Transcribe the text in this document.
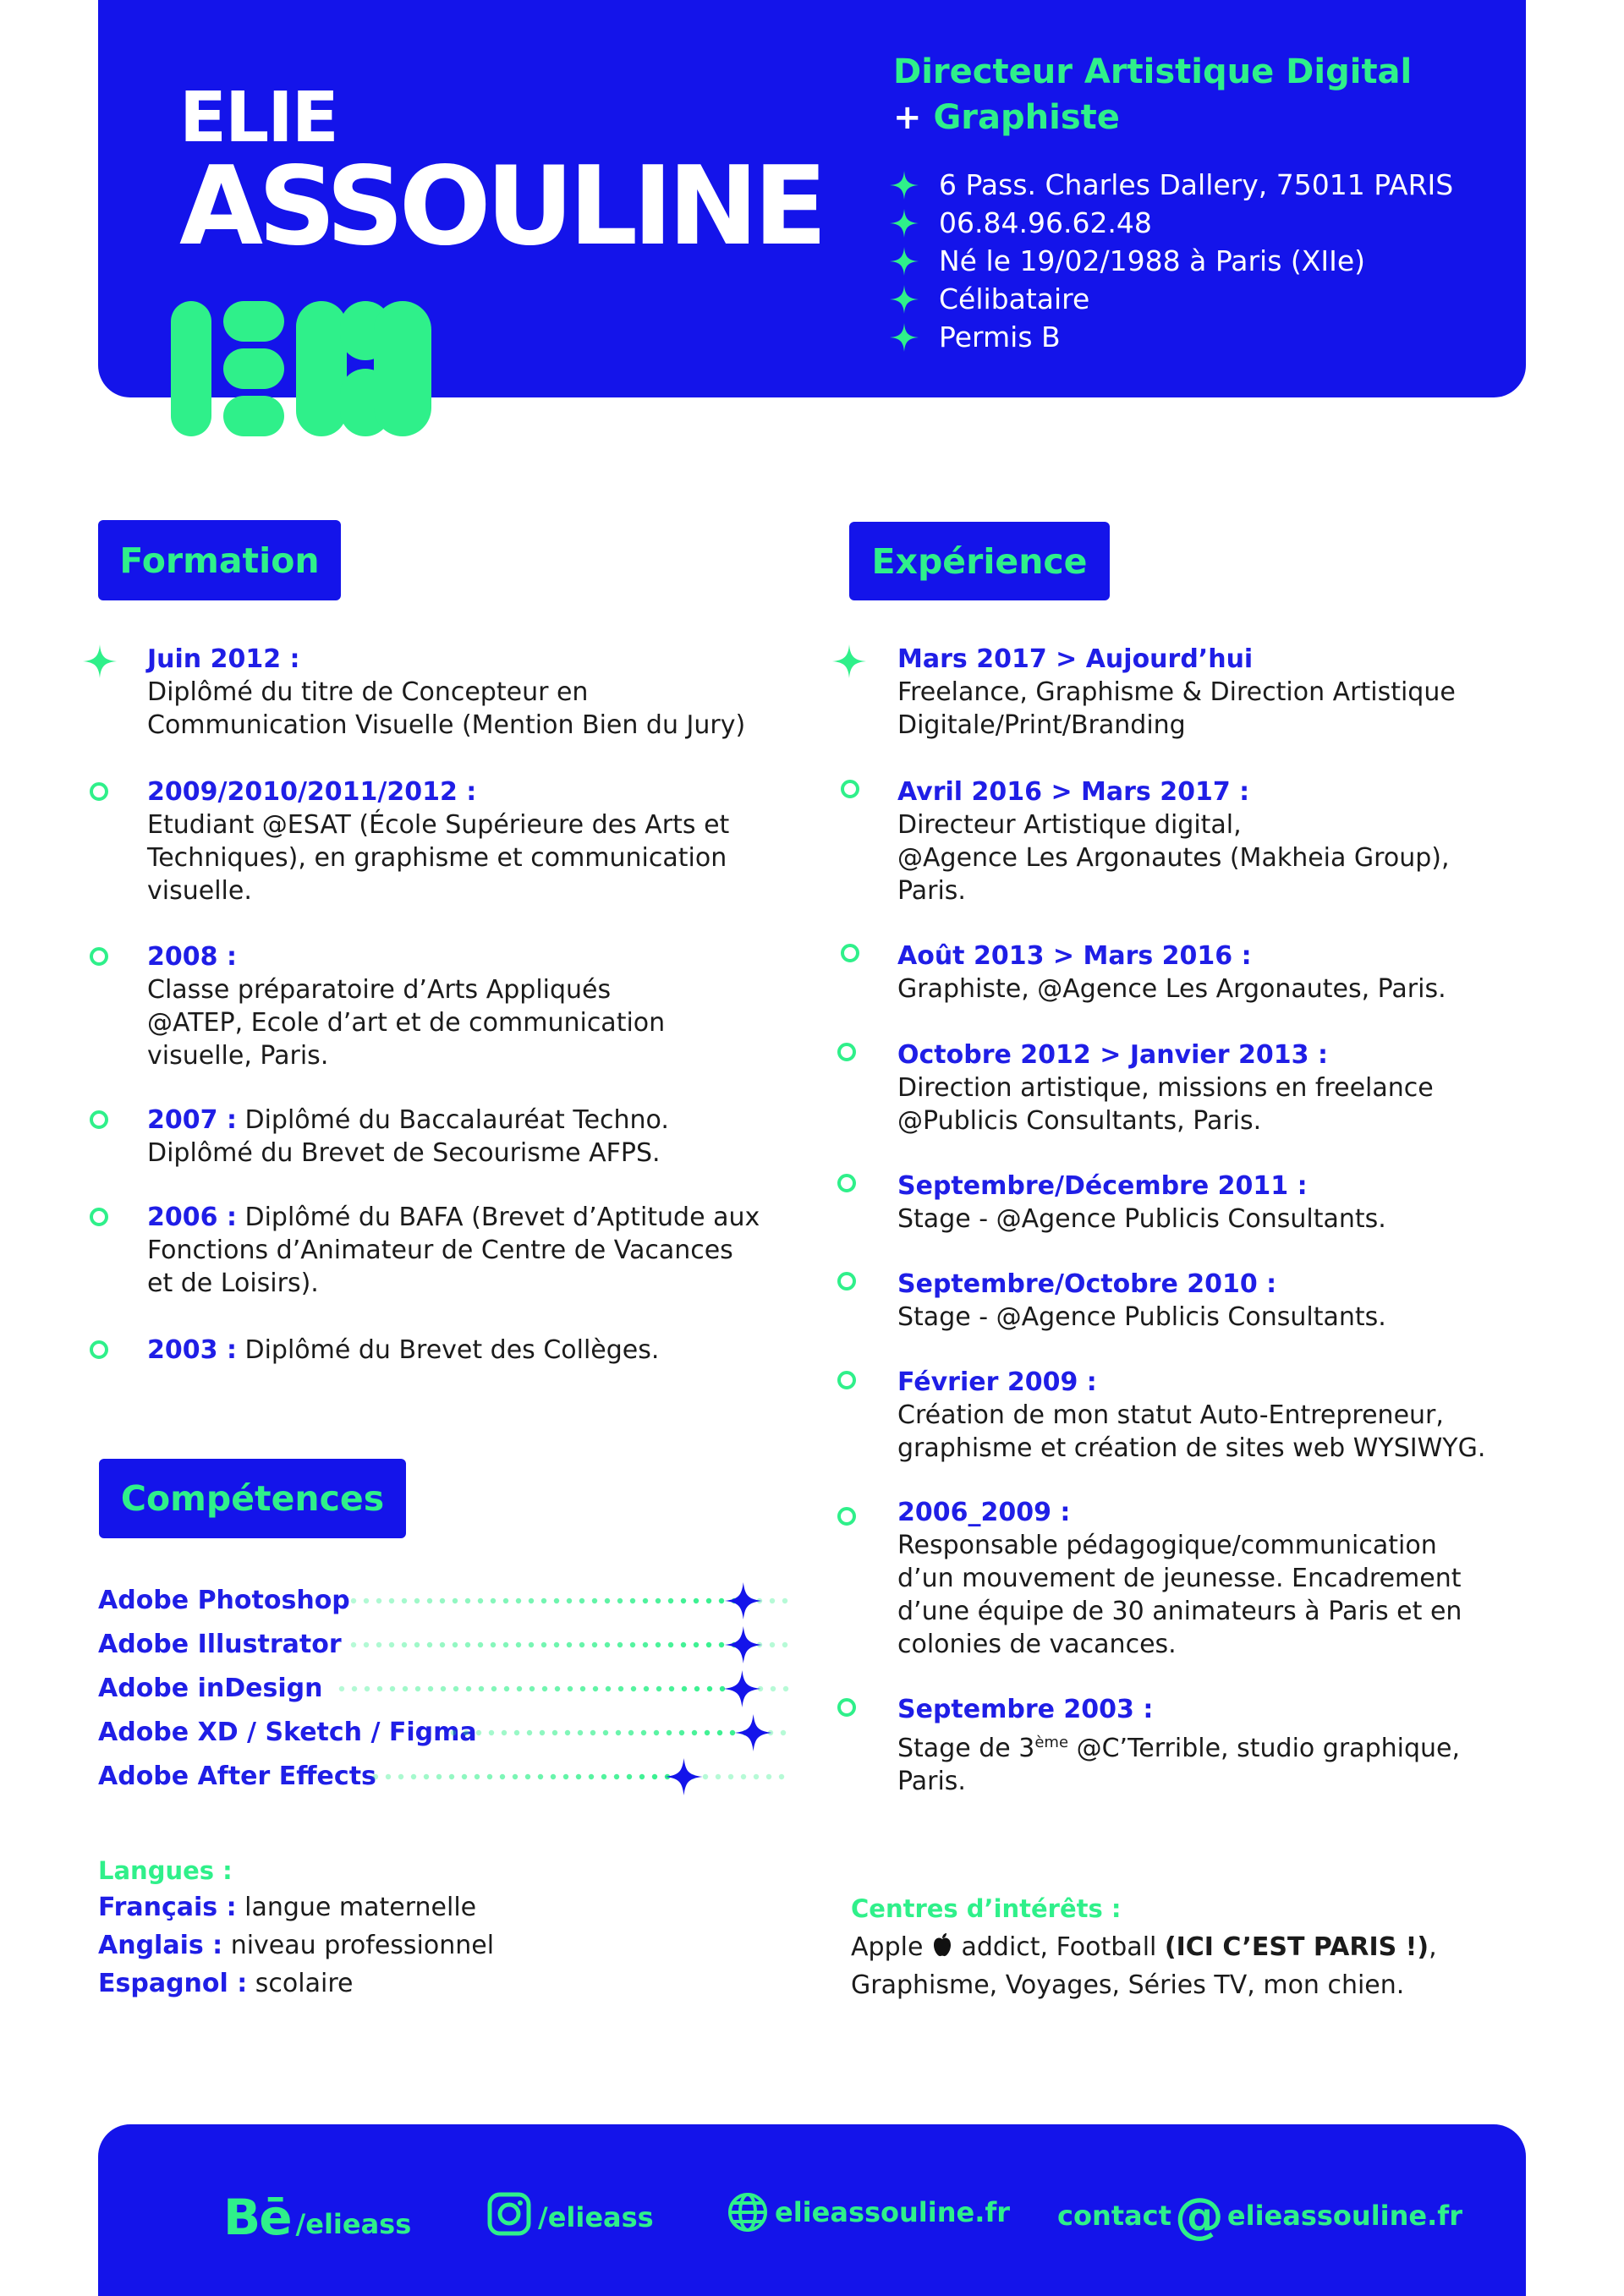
ELIE
ASSOULINE
Directeur Artistique Digital
+ Graphiste
6 Pass. Charles Dallery, 75011 PARIS
06.84.96.62.48
Né le 19/02/1988 à Paris (XIIe)
Célibataire
Permis B
Formation
Juin 2012 :
Diplômé du titre de Concepteur en
Communication Visuelle (Mention Bien du Jury)
2009/2010/2011/2012 :
Etudiant @ESAT (École Supérieure des Arts et
Techniques), en graphisme et communication
visuelle.
2008 :
Classe préparatoire d’Arts Appliqués
@ATEP, Ecole d’art et de communication
visuelle, Paris.
2007 : Diplômé du Baccalauréat Techno.
Diplômé du Brevet de Secourisme AFPS.
2006 : Diplômé du BAFA (Brevet d’Aptitude aux
Fonctions d’Animateur de Centre de Vacances
et de Loisirs).
2003 : Diplômé du Brevet des Collèges.
Expérience
Mars 2017 > Aujourd’hui
Freelance, Graphisme & Direction Artistique
Digitale/Print/Branding
Avril 2016 > Mars 2017 :
Directeur Artistique digital,
@Agence Les Argonautes (Makheia Group),
Paris.
Août 2013 > Mars 2016 :
Graphiste, @Agence Les Argonautes, Paris.
Octobre 2012 > Janvier 2013 :
Direction artistique, missions en freelance
@Publicis Consultants, Paris.
Septembre/Décembre 2011 :
Stage - @Agence Publicis Consultants.
Septembre/Octobre 2010 :
Stage - @Agence Publicis Consultants.
Février 2009 :
Création de mon statut Auto-Entrepreneur,
graphisme et création de sites web WYSIWYG.
2006_2009 :
Responsable pédagogique/communication
d’un mouvement de jeunesse. Encadrement
d’une équipe de 30 animateurs à Paris et en
colonies de vacances.
Septembre 2003 :
Stage de 3ème @C’Terrible, studio graphique,
Paris.
Compétences
Adobe Photoshop
Adobe Illustrator
Adobe inDesign
Adobe XD / Sketch / Figma
Adobe After Effects
Langues :
Français : langue maternelle
Anglais : niveau professionnel
Espagnol : scolaire
Centres d’intérêts :
Apple  addict, Football (ICI C’EST PARIS !),
Graphisme, Voyages, Séries TV, mon chien.
Bē /elieass	/elieass	elieassouline.fr contact @ elieassouline.fr
